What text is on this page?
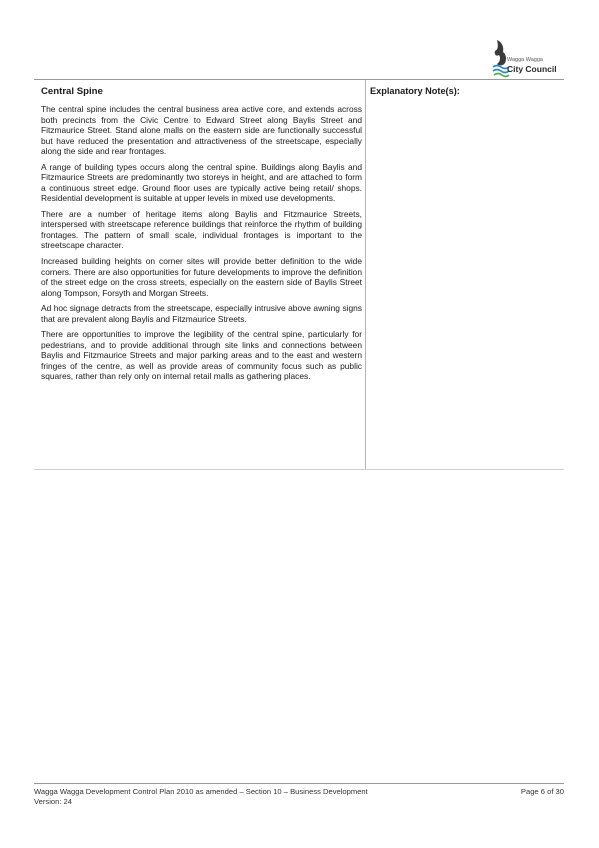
Wagga Wagga
City Council
Central Spine

The central spine includes the central business area active core, and extends across both precincts from the Civic Centre to Edward Street along Baylis Street and Fitzmaurice Street. Stand alone malls on the eastern side are functionally successful but have reduced the presentation and attractiveness of the streetscape, especially along the side and rear frontages.

A range of building types occurs along the central spine. Buildings along Baylis and Fitzmaurice Streets are predominantly two storeys in height, and are attached to form a continuous street edge. Ground floor uses are typically active being retail/ shops. Residential development is suitable at upper levels in mixed use developments.

There are a number of heritage items along Baylis and Fitzmaurice Streets, interspersed with streetscape reference buildings that reinforce the rhythm of building frontages. The pattern of small scale, individual frontages is important to the streetscape character.

Increased building heights on corner sites will provide better definition to the wide corners. There are also opportunities for future developments to improve the definition of the street edge on the cross streets, especially on the eastern side of Baylis Street along Tompson, Forsyth and Morgan Streets.

Ad hoc signage detracts from the streetscape, especially intrusive above awning signs that are prevalent along Baylis and Fitzmaurice Streets.

There are opportunities to improve the legibility of the central spine, particularly for pedestrians, and to provide additional through site links and connections between Baylis and Fitzmaurice Streets and major parking areas and to the east and western fringes of the centre, as well as provide areas of community focus such as public squares, rather than rely only on internal retail malls as gathering places.

Explanatory Note(s):
Wagga Wagga Development Control Plan 2010 as amended – Section 10 – Business Development
Version: 24
Page 6 of 30
